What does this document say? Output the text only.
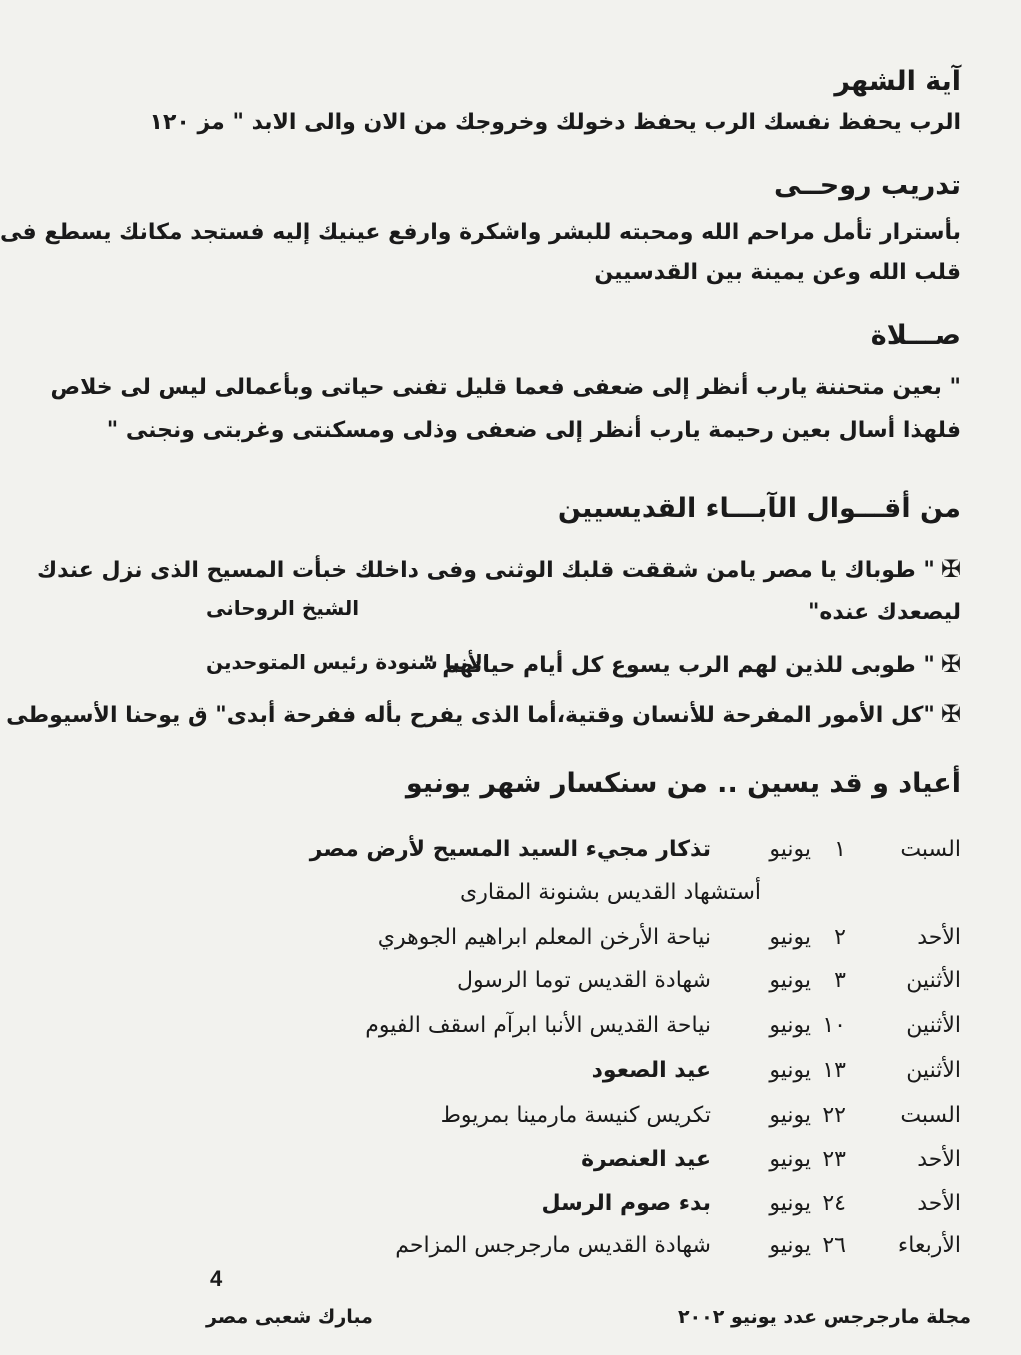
آية الشهر
الرب يحفظ نفسك الرب يحفظ دخولك وخروجك من الان والى الابد " مز ١٢٠
تدريب روحــى
بأسترار تأمل مراحم الله ومحبته للبشر واشكرة وارفع عينيك إليه فستجد مكانك يسطع فى
قلب الله وعن يمينة بين القدسيين
صـــلاة
" بعين متحننة يارب أنظر إلى ضعفى فعما قليل تفنى حياتى وبأعمالى ليس لى خلاص
فلهذا أسال بعين رحيمة يارب أنظر إلى ضعفى وذلى ومسكنتى وغربتى ونجنى "
من أقـــوال الآبـــاء القديسيين
✠" طوباك يا مصر يامن شققت قلبك الوثنى وفى داخلك خبأت المسيح الذى نزل عندك
ليصعدك عنده"
الشيخ الروحانى
✠" طوبى للذين لهم الرب يسوع كل أيام حياتهم "
الأنبا شنودة رئيس المتوحدين
✠"كل الأمور المفرحة للأنسان وقتية،أما الذى يفرح بأله ففرحة أبدى" ق يوحنا الأسيوطى
أعياد و قد يسين .. من سنكسار شهر يونيو
السبت
١
يونيو
تذكار مجيء السيد المسيح لأرض مصر
أستشهاد القديس بشنونة المقارى
الأحد
٢
يونيو
نياحة الأرخن المعلم ابراهيم الجوهري
الأثنين
٣
يونيو
شهادة القديس توما الرسول
الأثنين
١٠
يونيو
نياحة القديس الأنبا ابرآم اسقف الفيوم
الأثنين
١٣
يونيو
عيد الصعود
السبت
٢٢
يونيو
تكريس كنيسة مارمينا بمريوط
الأحد
٢٣
يونيو
عيد العنصرة
الأحد
٢٤
يونيو
بدء صوم الرسل
الأربعاء
٢٦
يونيو
شهادة القديس مارجرجس المزاحم
4
مجلة مارجرجس عدد يونيو ٢٠٠٢
مبارك شعبى مصر
